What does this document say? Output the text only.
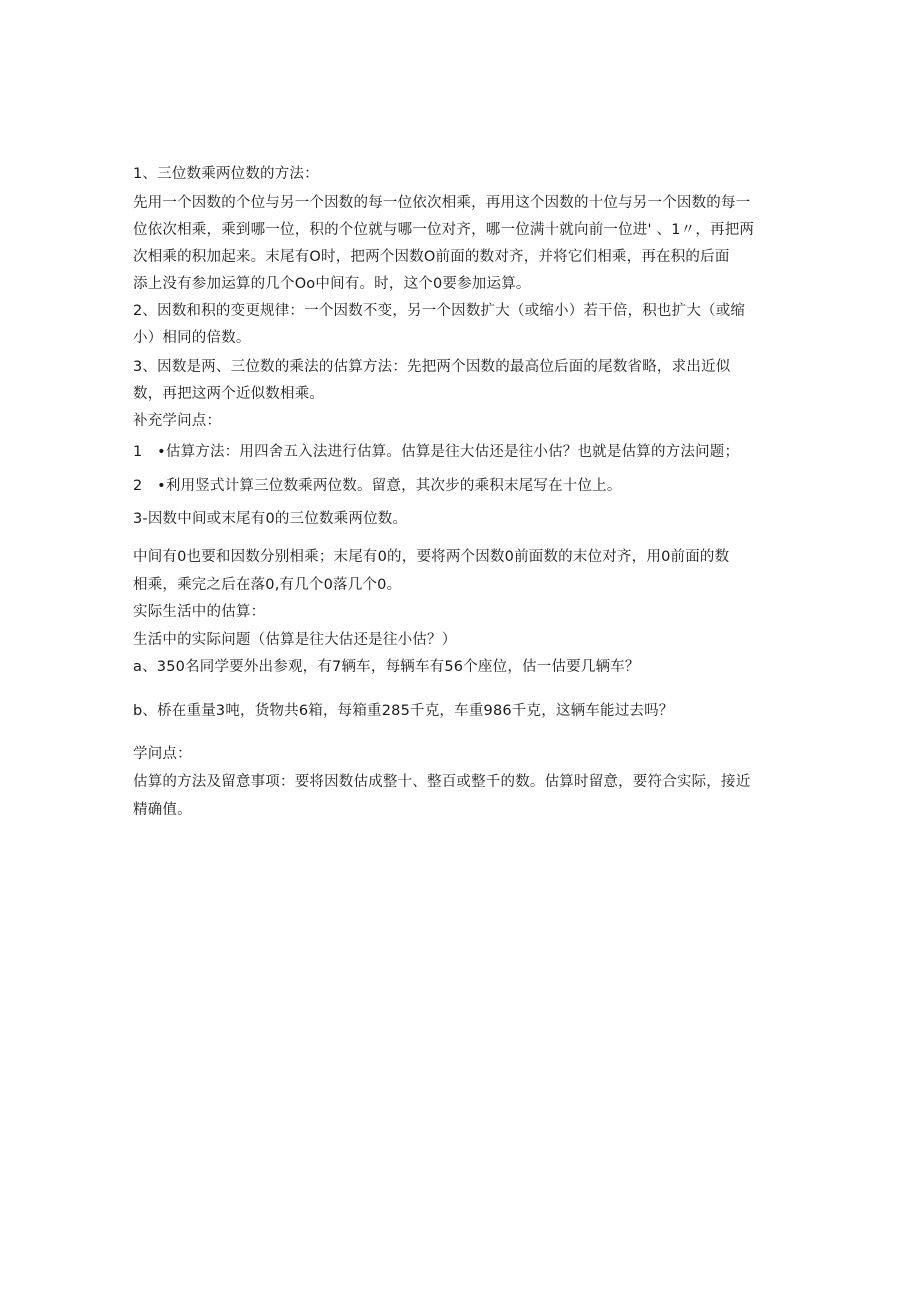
1、三位数乘两位数的方法：
先用一个因数的个位与另一个因数的每一位依次相乘，再用这个因数的十位与另一个因数的每一
位依次相乘，乘到哪一位，积的个位就与哪一位对齐，哪一位满十就向前一位进' 、1〃，再把两
次相乘的积加起来。末尾有O时，把两个因数O前面的数对齐，并将它们相乘，再在积的后面
添上没有参加运算的几个Oo中间有。时，这个0要参加运算。
2、因数和积的变更规律：一个因数不变，另一个因数扩大（或缩小）若干倍，积也扩大（或缩
小）相同的倍数。
3、因数是两、三位数的乘法的估算方法：先把两个因数的最高位后面的尾数省略，求出近似
数，再把这两个近似数相乘。
补充学问点：
1　•估算方法：用四舍五入法进行估算。估算是往大估还是往小估？也就是估算的方法问题；
2　•利用竖式计算三位数乘两位数。留意，其次步的乘积末尾写在十位上。
3-因数中间或末尾有0的三位数乘两位数。
中间有0也要和因数分别相乘；末尾有0的，要将两个因数0前面数的末位对齐，用0前面的数
相乘，乘完之后在落0,有几个0落几个0。
实际生活中的估算：
生活中的实际问题（估算是往大估还是往小估？）
a、350名同学要外出参观，有7辆车，每辆车有56个座位，估一估要几辆车？
b、桥在重量3吨，货物共6箱，每箱重285千克，车重986千克，这辆车能过去吗？
学问点：
估算的方法及留意事项：要将因数估成整十、整百或整千的数。估算时留意，要符合实际，接近
精确值。
